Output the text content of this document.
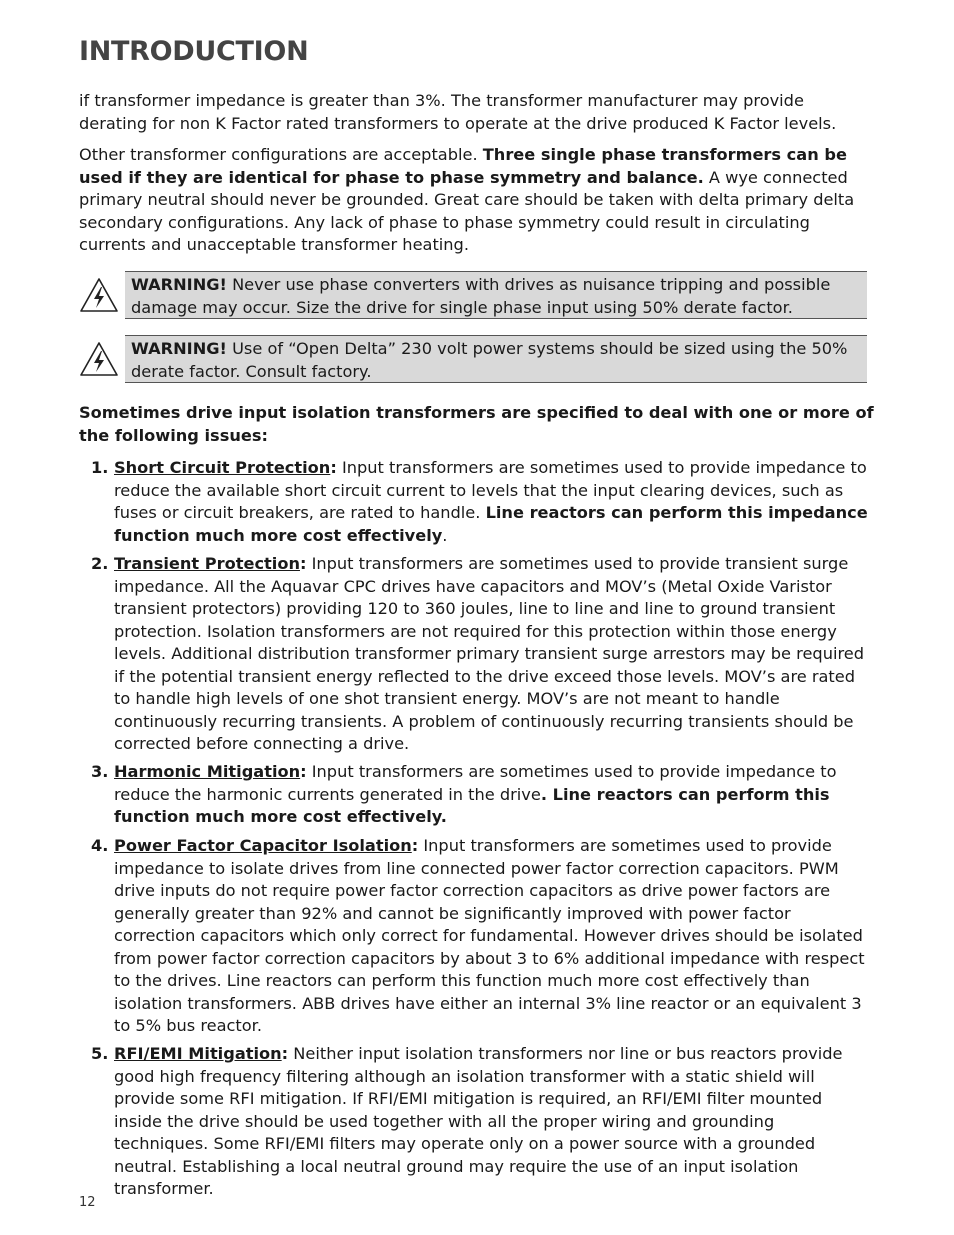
INTRODUCTION

if transformer impedance is greater than 3%. The transformer manufacturer may provide derating for non K Factor rated transformers to operate at the drive produced K Factor levels.

Other transformer configurations are acceptable. Three single phase transformers can be used if they are identical for phase to phase symmetry and balance. A wye connected primary neutral should never be grounded. Great care should be taken with delta primary delta secondary configurations. Any lack of phase to phase symmetry could result in circulating currents and unacceptable transformer heating.

WARNING! Never use phase converters with drives as nuisance tripping and possible damage may occur. Size the drive for single phase input using 50% derate factor.
WARNING! Use of “Open Delta” 230 volt power systems should be sized using the 50% derate factor. Consult factory.

Sometimes drive input isolation transformers are specified to deal with one or more of the following issues:

1. Short Circuit Protection: Input transformers are sometimes used to provide impedance to reduce the available short circuit current to levels that the input clearing devices, such as fuses or circuit breakers, are rated to handle. Line reactors can perform this impedance function much more cost effectively.
2. Transient Protection: Input transformers are sometimes used to provide transient surge impedance. All the Aquavar CPC drives have capacitors and MOV’s (Metal Oxide Varistor transient protectors) providing 120 to 360 joules, line to line and line to ground transient protection. Isolation transformers are not required for this protection within those energy levels. Additional distribution transformer primary transient surge arrestors may be required if the potential transient energy reflected to the drive exceed those levels. MOV’s are rated to handle high levels of one shot transient energy. MOV’s are not meant to handle continuously recurring transients. A problem of continuously recurring transients should be corrected before connecting a drive.
3. Harmonic Mitigation: Input transformers are sometimes used to provide impedance to reduce the harmonic currents generated in the drive. Line reactors can perform this function much more cost effectively.
4. Power Factor Capacitor Isolation: Input transformers are sometimes used to provide impedance to isolate drives from line connected power factor correction capacitors. PWM drive inputs do not require power factor correction capacitors as drive power factors are generally greater than 92% and cannot be significantly improved with power factor correction capacitors which only correct for fundamental. However drives should be isolated from power factor correction capacitors by about 3 to 6% additional impedance with respect to the drives. Line reactors can perform this function much more cost effectively than isolation transformers. ABB drives have either an internal 3% line reactor or an equivalent 3 to 5% bus reactor.
5. RFI/EMI Mitigation: Neither input isolation transformers nor line or bus reactors provide good high frequency filtering although an isolation transformer with a static shield will provide some RFI mitigation. If RFI/EMI mitigation is required, an RFI/EMI filter mounted inside the drive should be used together with all the proper wiring and grounding techniques. Some RFI/EMI filters may operate only on a power source with a grounded neutral. Establishing a local neutral ground may require the use of an input isolation transformer.
12
